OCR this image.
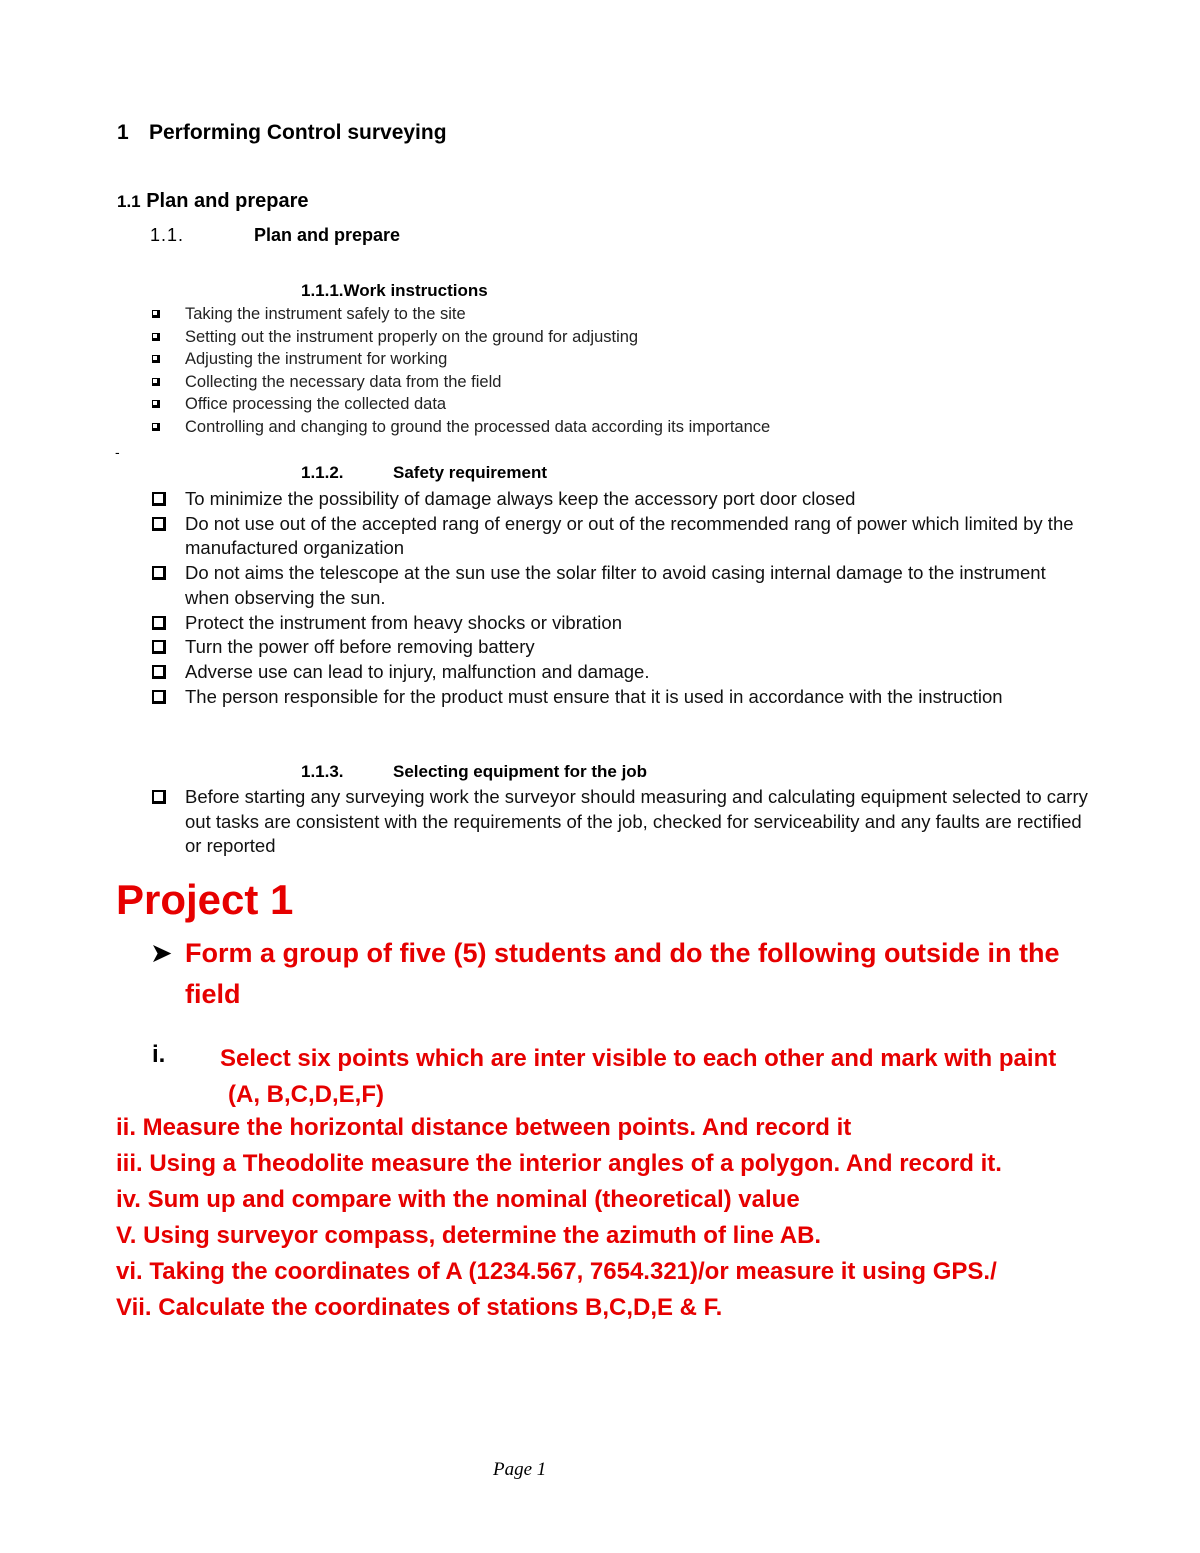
1 Performing Control surveying
1.1 Plan and prepare
1.1.	Plan and prepare
1.1.1.Work instructions
Taking the instrument safely to the site
Setting out the instrument properly on the ground for adjusting
Adjusting the instrument for working
Collecting the necessary data from the field
Office processing the collected data
Controlling and changing to ground the processed data according its importance
-
1.1.2.	Safety requirement
To minimize the possibility of damage always keep the accessory port door closed
Do not use out of the accepted rang of energy or out of the recommended rang of power which limited by the manufactured organization
Do not aims the telescope at the sun use the solar filter to avoid casing internal damage to the instrument when observing the sun.
Protect the instrument from heavy shocks or vibration
Turn the power off before removing battery
Adverse use can lead to injury, malfunction and damage.
The person responsible for the product must ensure that it is used in accordance with the instruction
1.1.3.	Selecting equipment for the job
Before starting any surveying work the surveyor should measuring and calculating equipment selected to carry out tasks are consistent with the requirements of the job, checked for serviceability and any faults are rectified or reported
Project 1
➤ Form a group of five (5) students and do the following outside in the field
i. Select six points which are inter visible to each other and mark with paint
(A, B,C,D,E,F)
ii. Measure the horizontal distance between points. And record it
iii. Using a Theodolite measure the interior angles of a polygon. And record it.
iv. Sum up and compare with the nominal (theoretical) value
V. Using surveyor compass, determine the azimuth of line AB.
vi. Taking the coordinates of A (1234.567, 7654.321)/or measure it using GPS./
Vii. Calculate the coordinates of stations B,C,D,E & F.
Page 1
